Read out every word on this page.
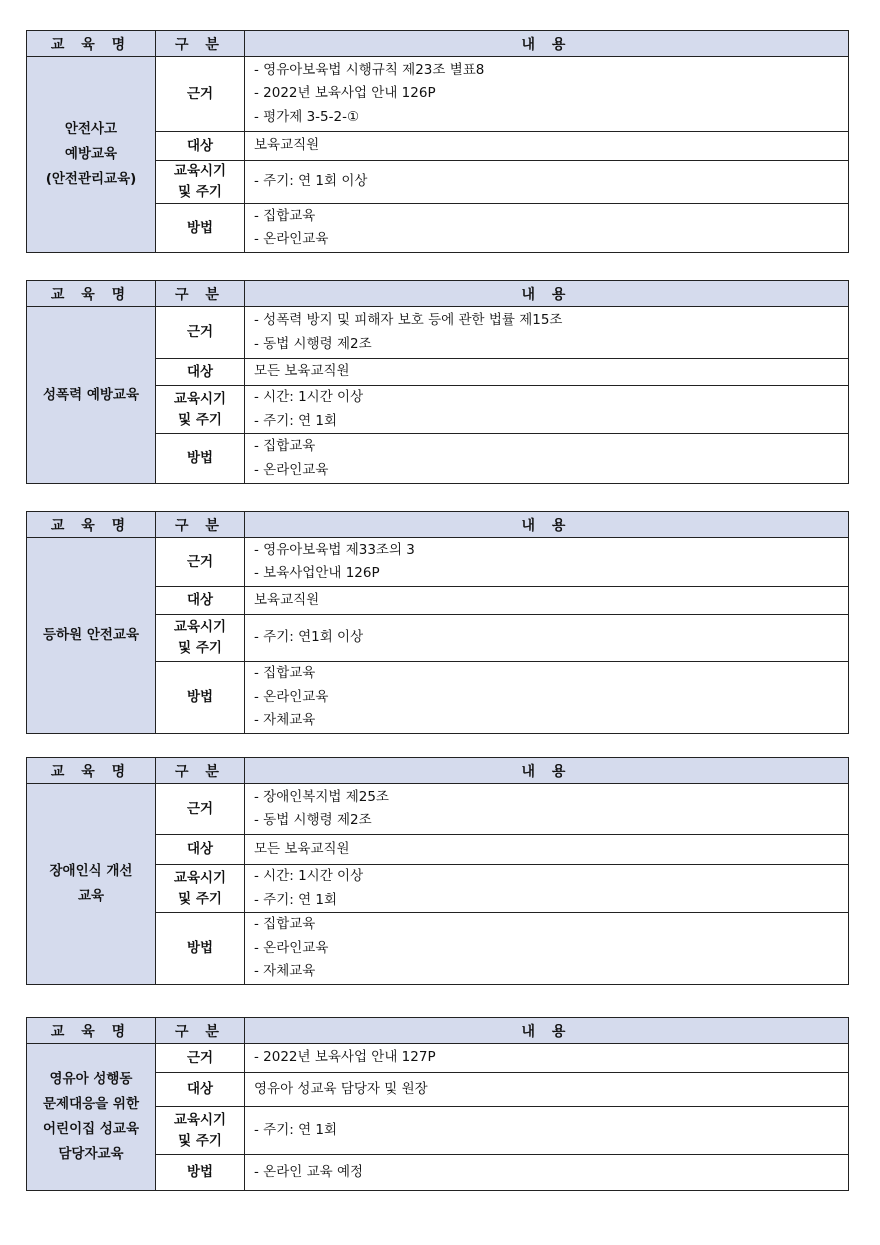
교 육 명	구 분	내 용

안전사고
예방교육
(안전관리교육)	근거	- 영유아보육법 시행규칙 제23조 별표8
- 2022년 보육사업 안내 126P
- 평가제 3-5-2-①

	대상	보육교직원

	교육시기
및 주기	- 주기: 연 1회 이상

	방법	- 집합교육
- 온라인교육
교 육 명	구 분	내 용

성폭력 예방교육	근거	- 성폭력 방지 및 피해자 보호 등에 관한 법률 제15조
- 동법 시행령 제2조

	대상	모든 보육교직원

	교육시기
및 주기	- 시간: 1시간 이상
- 주기: 연 1회

	방법	- 집합교육
- 온라인교육
교 육 명	구 분	내 용

등하원 안전교육	근거	- 영유아보육법 제33조의 3
- 보육사업안내 126P

	대상	보육교직원

	교육시기
및 주기	- 주기: 연1회 이상

	방법	- 집합교육
- 온라인교육
- 자체교육
교 육 명	구 분	내 용

장애인식 개선
교육	근거	- 장애인복지법 제25조
- 동법 시행령 제2조

	대상	모든 보육교직원

	교육시기
및 주기	- 시간: 1시간 이상
- 주기: 연 1회

	방법	- 집합교육
- 온라인교육
- 자체교육
교 육 명	구 분	내 용

영유아 성행동
문제대응을 위한
어린이집 성교육
담당자교육	근거	- 2022년 보육사업 안내 127P

	대상	영유아 성교육 담당자 및 원장

	교육시기
및 주기	- 주기: 연 1회

	방법	- 온라인 교육 예정
